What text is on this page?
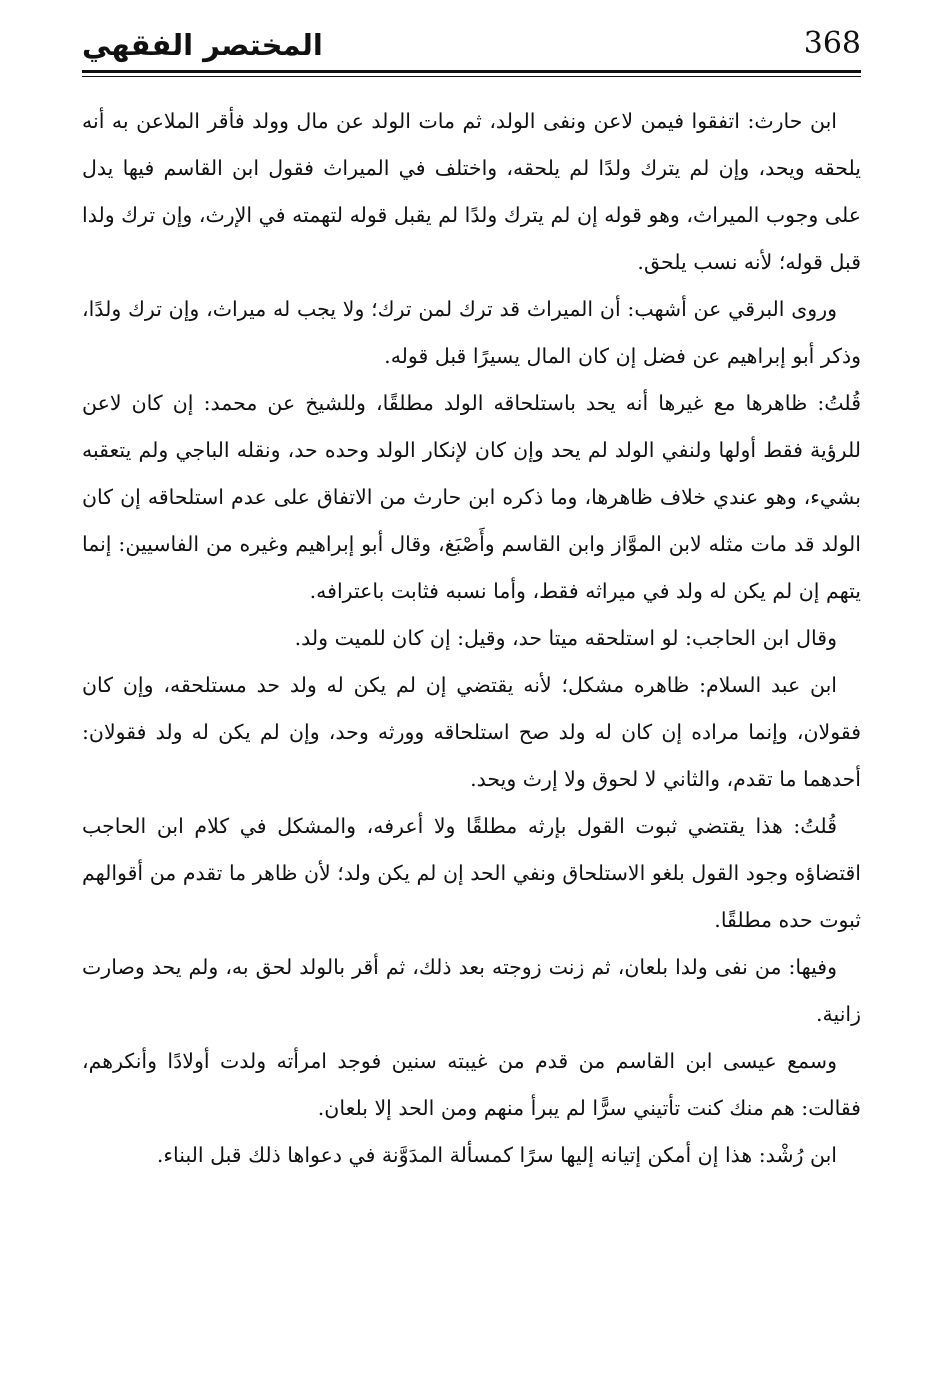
368
المختصر الفقهي

ابن حارث: اتفقوا فيمن لاعن ونفى الولد، ثم مات الولد عن مال وولد فأقر الملاعن به أنه يلحقه ويحد، وإن لم يترك ولدًا لم يلحقه، واختلف في الميراث فقول ابن القاسم فيها يدل على وجوب الميراث، وهو قوله إن لم يترك ولدًا لم يقبل قوله لتهمته في الإرث، وإن ترك ولدا قبل قوله؛ لأنه نسب يلحق.

وروى البرقي عن أشهب: أن الميراث قد ترك لمن ترك؛ ولا يجب له ميراث، وإن ترك ولدًا، وذكر أبو إبراهيم عن فضل إن كان المال يسيرًا قبل قوله.

قُلتُ: ظاهرها مع غيرها أنه يحد باستلحاقه الولد مطلقًا، وللشيخ عن محمد: إن كان لاعن للرؤية فقط أولها ولنفي الولد لم يحد وإن كان لإنكار الولد وحده حد، ونقله الباجي ولم يتعقبه بشيء، وهو عندي خلاف ظاهرها، وما ذكره ابن حارث من الاتفاق على عدم استلحاقه إن كان الولد قد مات مثله لابن الموَّاز وابن القاسم وأَصْبَغ، وقال أبو إبراهيم وغيره من الفاسيين: إنما يتهم إن لم يكن له ولد في ميراثه فقط، وأما نسبه فثابت باعترافه.

وقال ابن الحاجب: لو استلحقه ميتا حد، وقيل: إن كان للميت ولد.

ابن عبد السلام: ظاهره مشكل؛ لأنه يقتضي إن لم يكن له ولد حد مستلحقه، وإن كان فقولان، وإنما مراده إن كان له ولد صح استلحاقه وورثه وحد، وإن لم يكن له ولد فقولان: أحدهما ما تقدم، والثاني لا لحوق ولا إرث ويحد.

قُلتُ: هذا يقتضي ثبوت القول بإرثه مطلقًا ولا أعرفه، والمشكل في كلام ابن الحاجب اقتضاؤه وجود القول بلغو الاستلحاق ونفي الحد إن لم يكن ولد؛ لأن ظاهر ما تقدم من أقوالهم ثبوت حده مطلقًا.

وفيها: من نفى ولدا بلعان، ثم زنت زوجته بعد ذلك، ثم أقر بالولد لحق به، ولم يحد وصارت زانية.

وسمع عيسى ابن القاسم من قدم من غيبته سنين فوجد امرأته ولدت أولادًا وأنكرهم، فقالت: هم منك كنت تأتيني سرًّا لم يبرأ منهم ومن الحد إلا بلعان.

ابن رُشْد: هذا إن أمكن إتيانه إليها سرًا كمسألة المدَوَّنة في دعواها ذلك قبل البناء.
